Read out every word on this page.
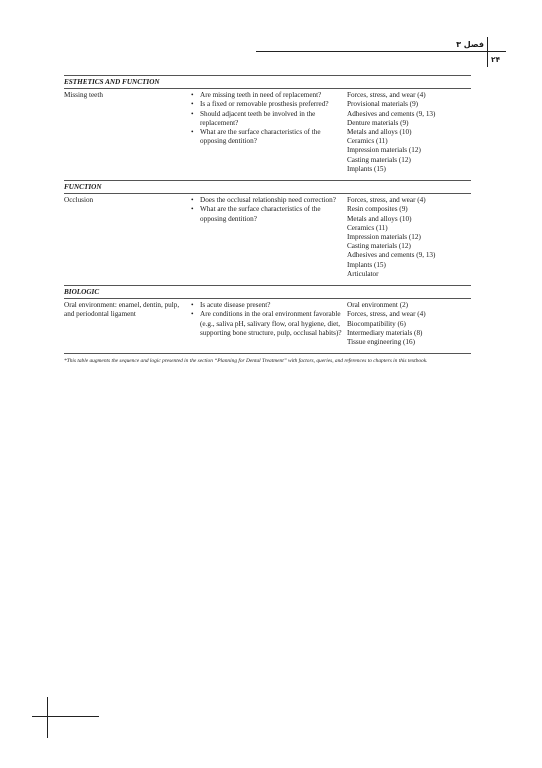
فصل ۳
۲۴
ESTHETICS AND FUNCTION
Missing teeth	• Are missing teeth in need of replacement?
• Is a fixed or removable prosthesis preferred?
• Should adjacent teeth be involved in the replacement?
• What are the surface characteristics of the opposing dentition?
Forces, stress, and wear (4)
Provisional materials (9)
Adhesives and cements (9, 13)
Denture materials (9)
Metals and alloys (10)
Ceramics (11)
Impression materials (12)
Casting materials (12)
Implants (15)
FUNCTION
Occlusion	• Does the occlusal relationship need correction?
• What are the surface characteristics of the opposing dentition?
Forces, stress, and wear (4)
Resin composites (9)
Metals and alloys (10)
Ceramics (11)
Impression materials (12)
Casting materials (12)
Adhesives and cements (9, 13)
Implants (15)
Articulator
BIOLOGIC
Oral environment: enamel, dentin, pulp, and periodontal ligament
• Is acute disease present?
• Are conditions in the oral environment favorable (e.g., saliva pH, salivary flow, oral hygiene, diet, supporting bone structure, pulp, occlusal habits)?
Oral environment (2)
Forces, stress, and wear (4)
Biocompatibility (6)
Intermediary materials (8)
Tissue engineering (16)
*This table augments the sequence and logic presented in the section “Planning for Dental Treatment” with factors, queries, and references to chapters in this textbook.
